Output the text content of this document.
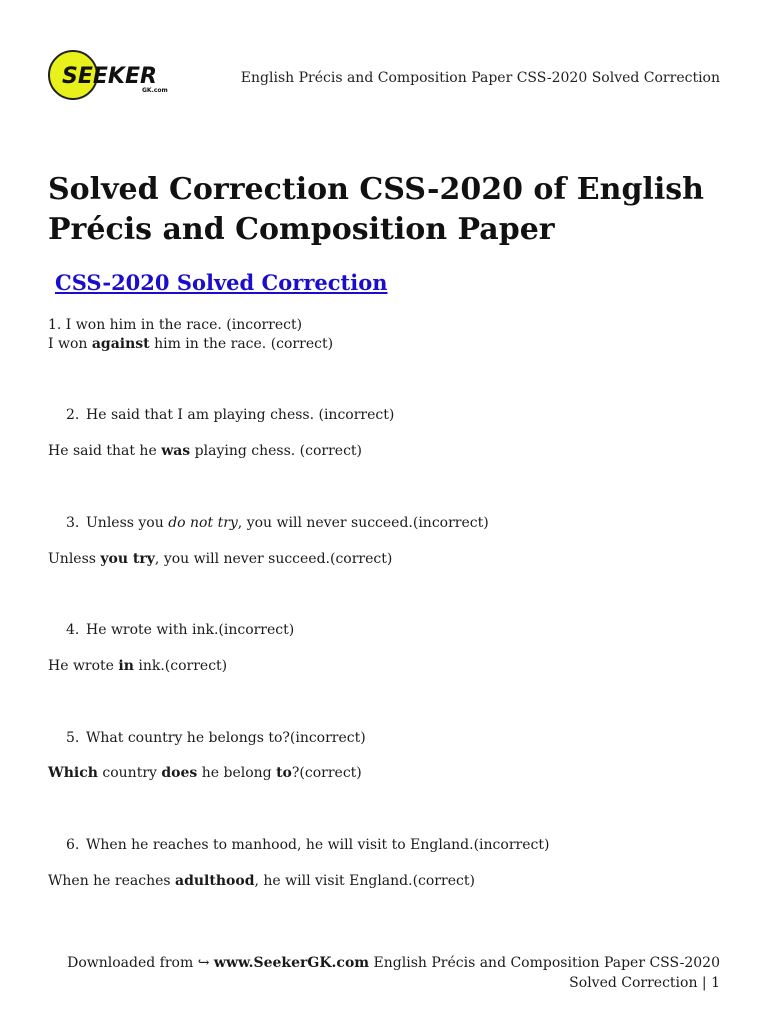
SEEKER
GK.com
English Précis and Composition Paper CSS-2020 Solved Correction
Solved Correction CSS-2020 of English Précis and Composition Paper
CSS-2020 Solved Correction
1. I won him in the race. (incorrect)
I won against him in the race. (correct)
2. He said that I am playing chess. (incorrect)
He said that he was playing chess. (correct)
3. Unless you do not try, you will never succeed.(incorrect)
Unless you try, you will never succeed.(correct)
4. He wrote with ink.(incorrect)
He wrote in ink.(correct)
5. What country he belongs to?(incorrect)
Which country does he belong to?(correct)
6. When he reaches to manhood, he will visit to England.(incorrect)
When he reaches adulthood, he will visit England.(correct)
Downloaded from ↪ www.SeekerGK.com English Précis and Composition Paper CSS-2020
Solved Correction | 1
